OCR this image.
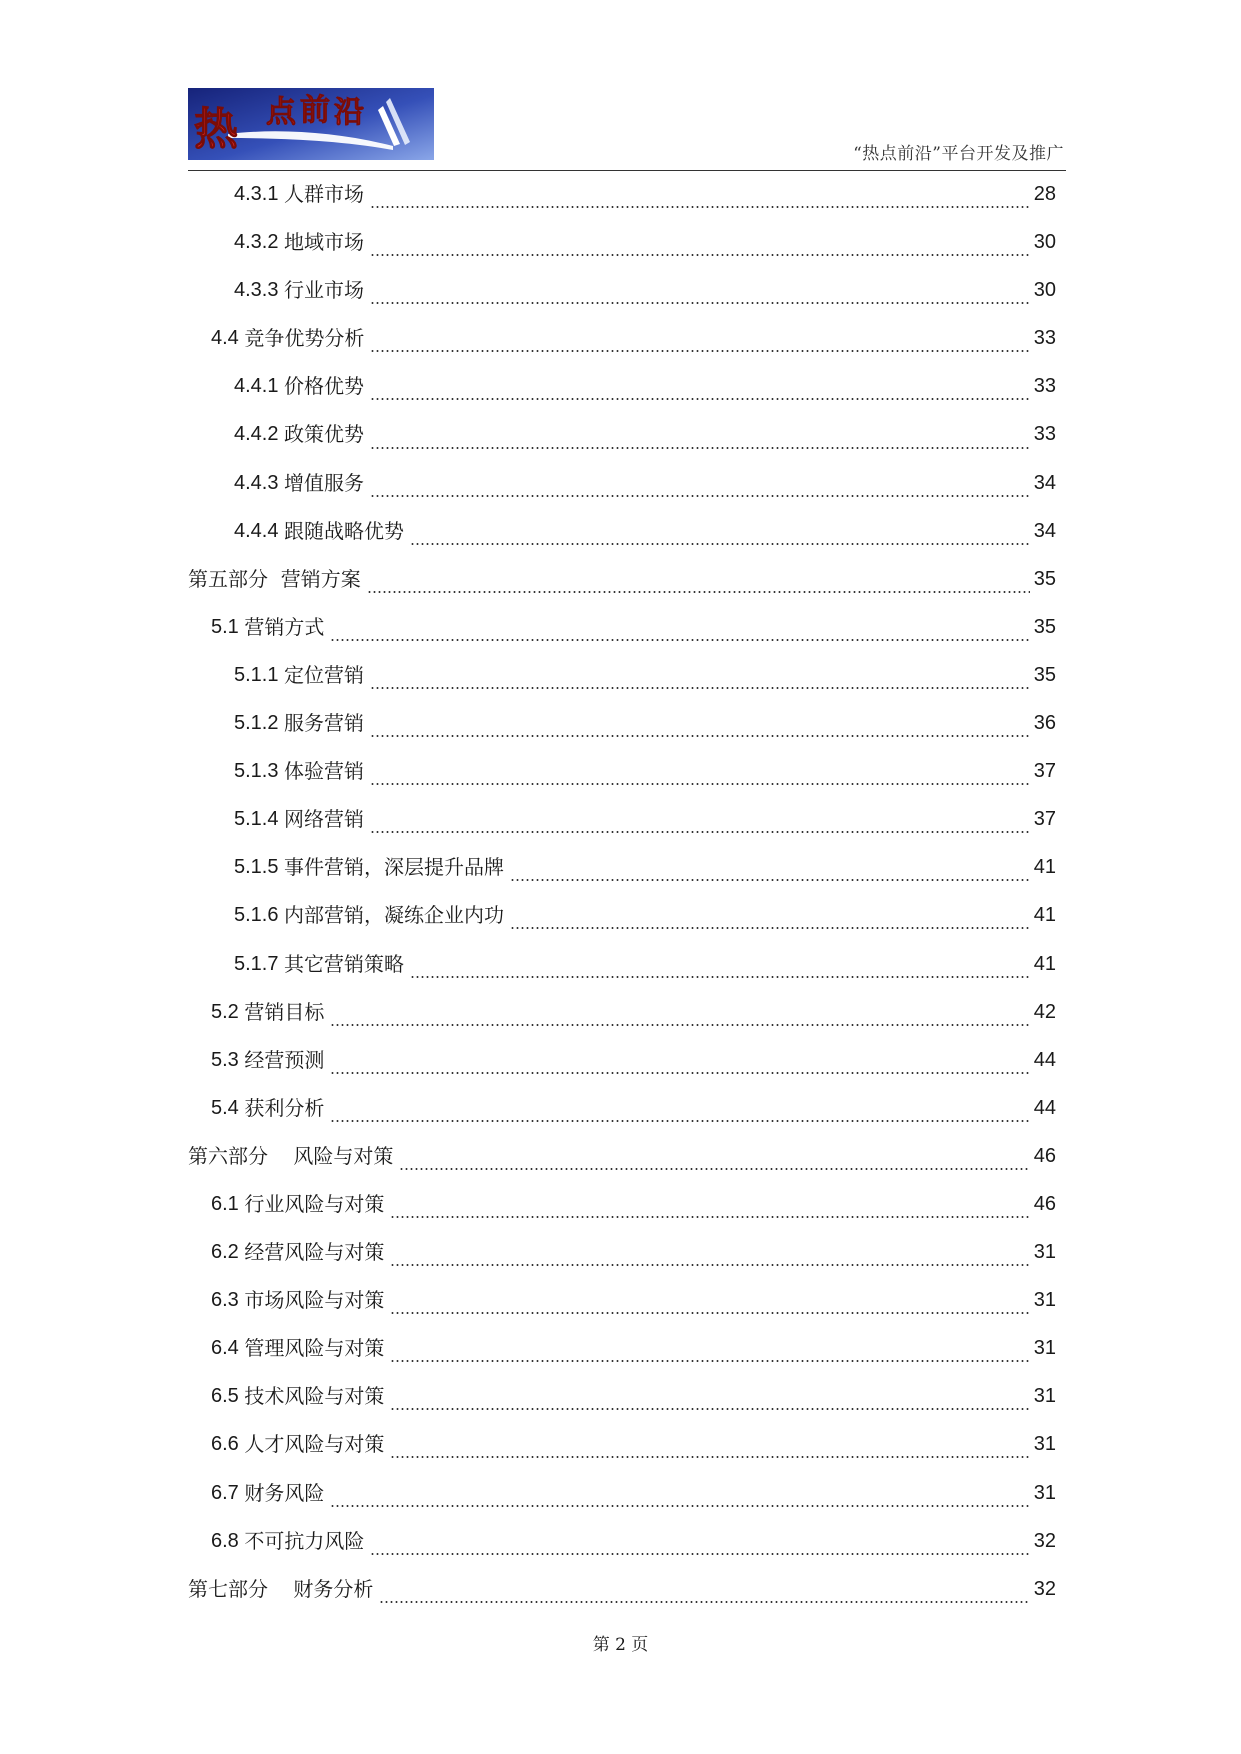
热 点 前 沿
“热点前沿”平台开发及推广
4.3.1 人群市场	28
4.3.2 地域市场	30
4.3.3 行业市场	30
4.4 竞争优势分析	33
4.4.1 价格优势	33
4.4.2 政策优势	33
4.4.3 增值服务	34
4.4.4 跟随战略优势	34
第五部分  营销方案	35
5.1 营销方式	35
5.1.1 定位营销	35
5.1.2 服务营销	36
5.1.3 体验营销	37
5.1.4 网络营销	37
5.1.5 事件营销，深层提升品牌	41
5.1.6 内部营销，凝练企业内功	41
5.1.7 其它营销策略	41
5.2 营销目标	42
5.3 经营预测	44
5.4 获利分析	44
第六部分    风险与对策	46
6.1 行业风险与对策	46
6.2 经营风险与对策	31
6.3 市场风险与对策	31
6.4 管理风险与对策	31
6.5 技术风险与对策	31
6.6 人才风险与对策	31
6.7 财务风险	31
6.8 不可抗力风险	32
第七部分    财务分析	32
第 2 页
